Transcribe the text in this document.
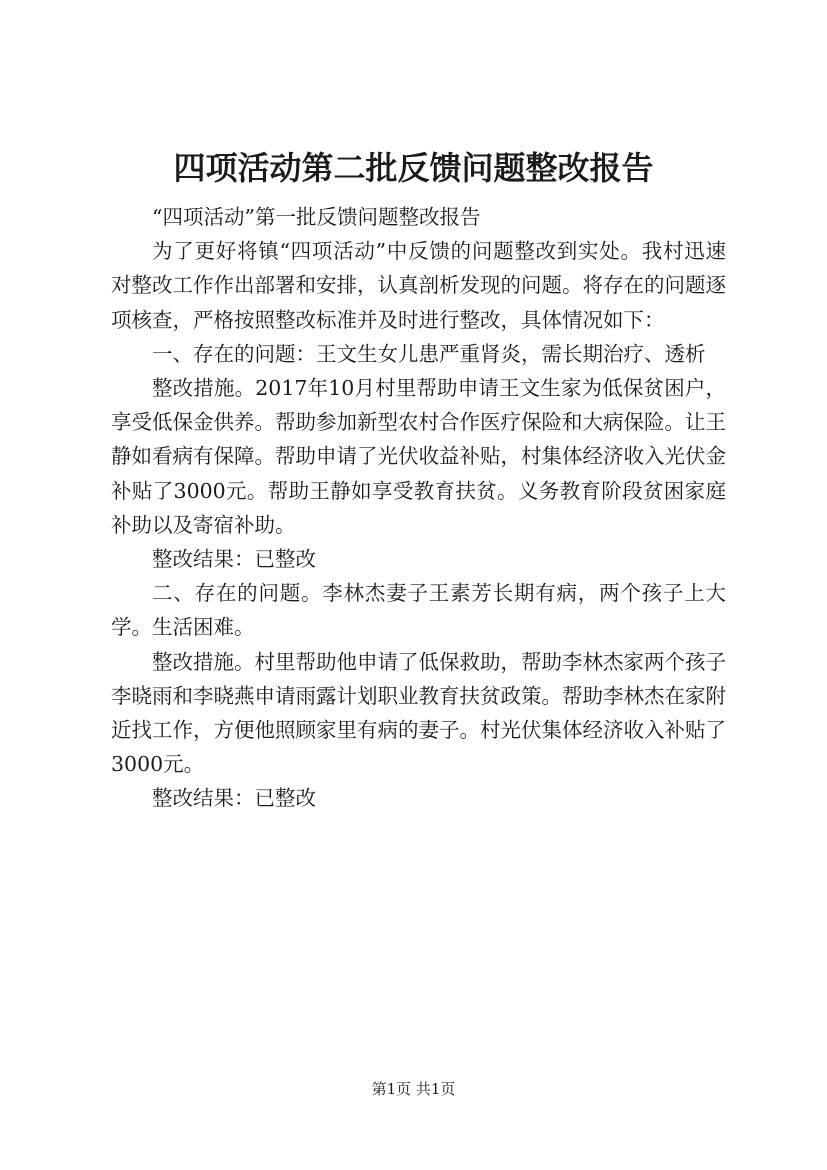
四项活动第二批反馈问题整改报告

“四项活动”第一批反馈问题整改报告

为了更好将镇“四项活动”中反馈的问题整改到实处。我村迅速对整改工作作出部署和安排，认真剖析发现的问题。将存在的问题逐项核查，严格按照整改标准并及时进行整改，具体情况如下：

一、存在的问题：王文生女儿患严重肾炎，需长期治疗、透析

整改措施。2017年10月村里帮助申请王文生家为低保贫困户，享受低保金供养。帮助参加新型农村合作医疗保险和大病保险。让王静如看病有保障。帮助申请了光伏收益补贴，村集体经济收入光伏金补贴了3000元。帮助王静如享受教育扶贫。义务教育阶段贫困家庭补助以及寄宿补助。

整改结果：已整改

二、存在的问题。李林杰妻子王素芳长期有病，两个孩子上大学。生活困难。

整改措施。村里帮助他申请了低保救助，帮助李林杰家两个孩子李晓雨和李晓燕申请雨露计划职业教育扶贫政策。帮助李林杰在家附近找工作，方便他照顾家里有病的妻子。村光伏集体经济收入补贴了3000元。

整改结果：已整改

第1页 共1页
